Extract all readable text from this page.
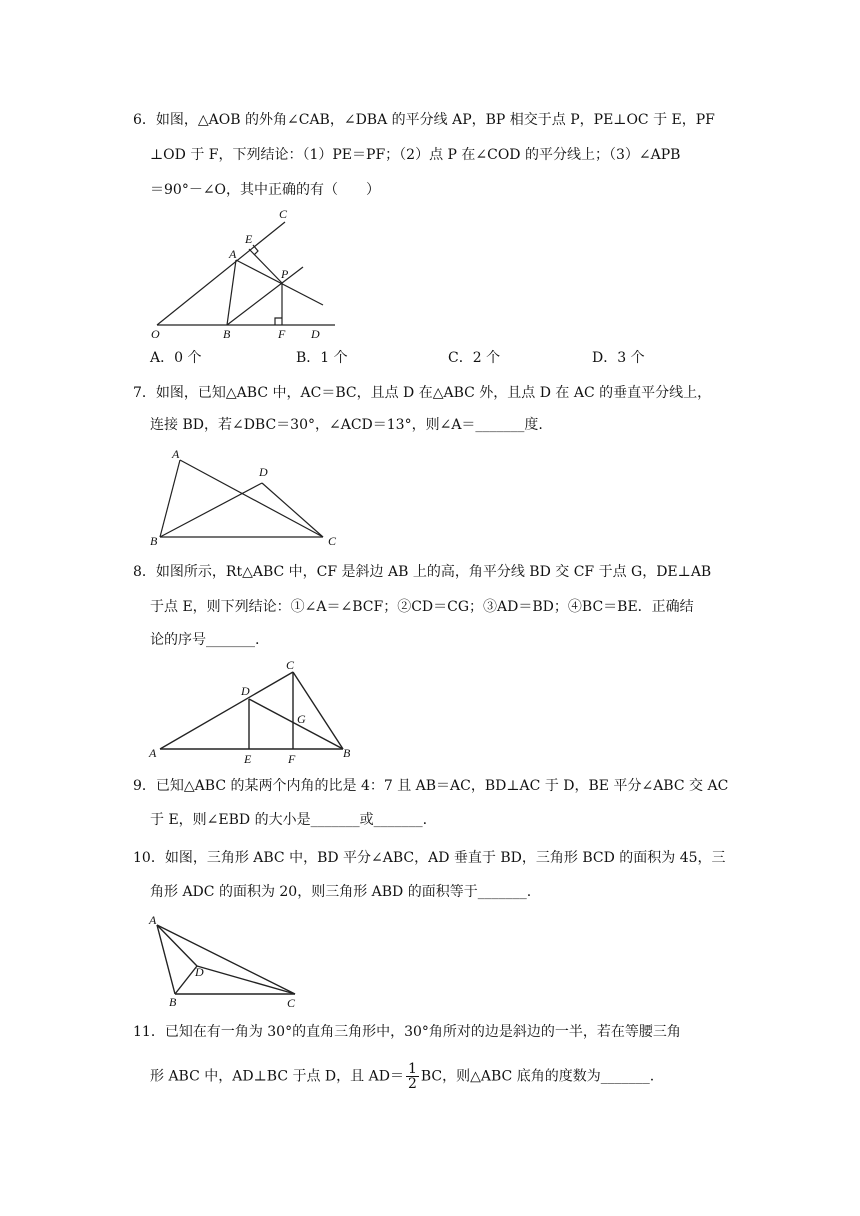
6．如图，△AOB 的外角∠CAB，∠DBA 的平分线 AP，BP 相交于点 P，PE⊥OC 于 E，PF
⊥OD 于 F，下列结论：（1）PE＝PF；（2）点 P 在∠COD 的平分线上；（3）∠APB
＝90°－∠O，其中正确的有（　　）
C
E
A
P
O	B	F D
A．0 个	B．1 个	C．2 个	D．3 个
7．如图，已知△ABC 中，AC＝BC，且点 D 在△ABC 外，且点 D 在 AC 的垂直平分线上，
连接 BD，若∠DBC＝30°，∠ACD＝13°，则∠A＝_______度.
A
D
B	C
8．如图所示，Rt△ABC 中，CF 是斜边 AB 上的高，角平分线 BD 交 CF 于点 G，DE⊥AB
于点 E，则下列结论：①∠A＝∠BCF；②CD＝CG；③AD＝BD；④BC＝BE．正确结
论的序号_______.
C
D
G
A	E	F	B
9．已知△ABC 的某两个内角的比是 4：7 且 AB＝AC，BD⊥AC 于 D，BE 平分∠ABC 交 AC
于 E，则∠EBD 的大小是_______或_______.
10．如图，三角形 ABC 中，BD 平分∠ABC，AD 垂直于 BD，三角形 BCD 的面积为 45，三
角形 ADC 的面积为 20，则三角形 ABD 的面积等于_______.
A
D
B	C
11．已知在有一角为 30°的直角三角形中，30°角所对的边是斜边的一半，若在等腰三角
形 ABC 中，AD⊥BC 于点 D，且 $AD= \frac{1}{2}$ BC，则△ABC 底角的度数为_______.
